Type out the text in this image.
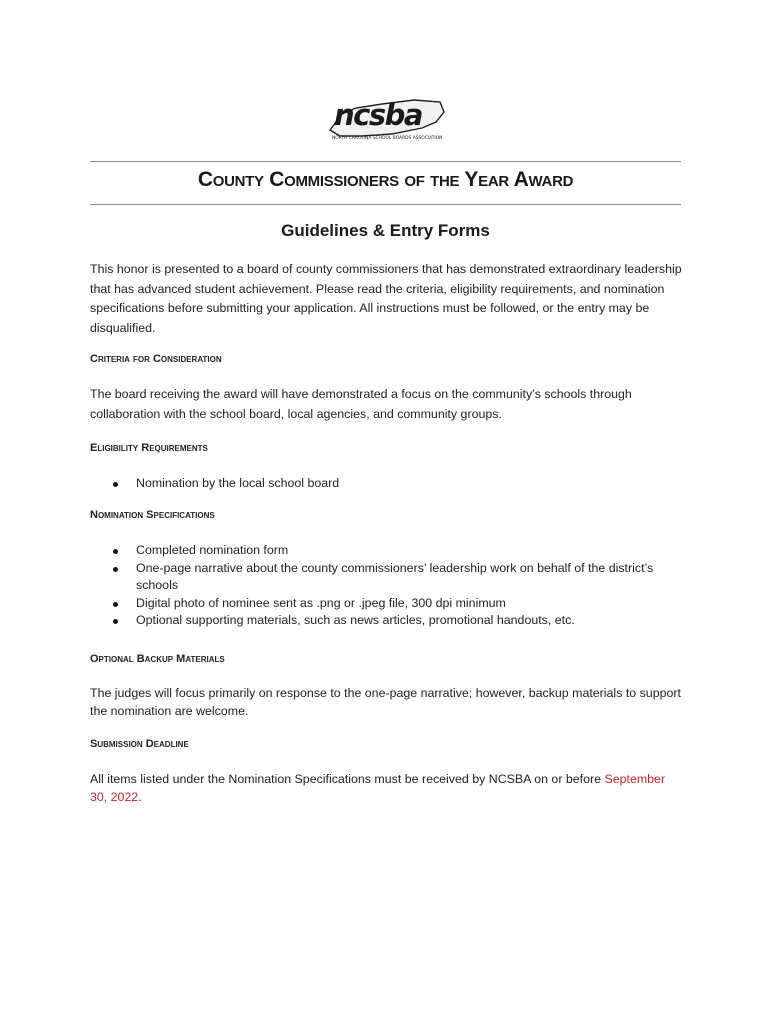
ncsba
NORTH CAROLINA SCHOOL BOARDS ASSOCIATION
County Commissioners of the Year Award
Guidelines & Entry Forms

This honor is presented to a board of county commissioners that has demonstrated extraordinary leadership that has advanced student achievement. Please read the criteria, eligibility requirements, and nomination specifications before submitting your application. All instructions must be followed, or the entry may be disqualified.

Criteria for Consideration

The board receiving the award will have demonstrated a focus on the community’s schools through collaboration with the school board, local agencies, and community groups.

Eligibility Requirements
Nomination by the local school board
Nomination Specifications
Completed nomination form
One-page narrative about the county commissioners’ leadership work on behalf of the district’s schools
Digital photo of nominee sent as .png or .jpeg file, 300 dpi minimum
Optional supporting materials, such as news articles, promotional handouts, etc.
Optional Backup Materials

The judges will focus primarily on response to the one-page narrative; however, backup materials to support the nomination are welcome.

Submission Deadline

All items listed under the Nomination Specifications must be received by NCSBA on or before September 30, 2022.
